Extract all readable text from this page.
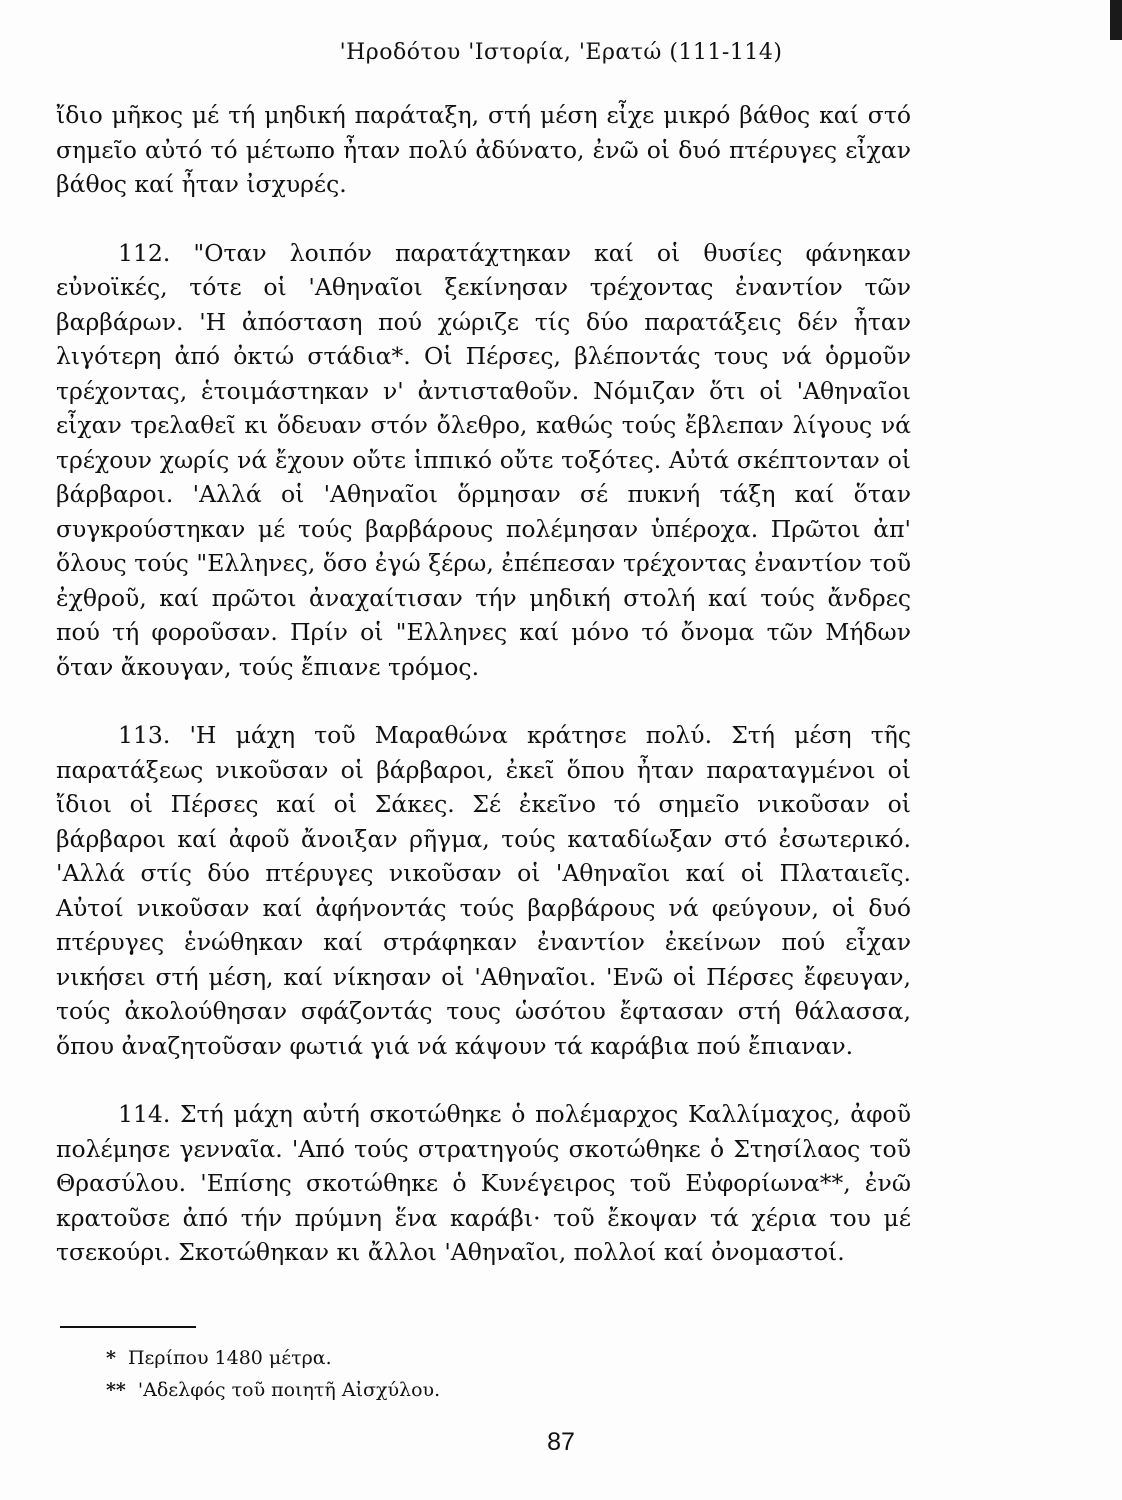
'Ηροδότου 'Ιστορία, 'Ερατώ (111-114)

ἴδιο μῆκος μέ τή μηδική παράταξη, στή μέση εἶχε μικρό βάθος καί στό σημεῖο αὐτό τό μέτωπο ἦταν πολύ ἀδύνατο, ἐνῶ οἱ δυό πτέρυγες εἶχαν βάθος καί ἦταν ἰσχυρές.

112. "Οταν λοιπόν παρατάχτηκαν καί οἱ θυσίες φάνηκαν εὐνοϊκές, τότε οἱ 'Αθηναῖοι ξεκίνησαν τρέχοντας ἐναντίον τῶν βαρβάρων. 'Η ἀπόσταση πού χώριζε τίς δύο παρατάξεις δέν ἦταν λιγότερη ἀπό ὀκτώ στάδια*. Οἱ Πέρσες, βλέποντάς τους νά ὁρμοῦν τρέχοντας, ἑτοιμάστηκαν ν' ἀντισταθοῦν. Νόμιζαν ὅτι οἱ 'Αθηναῖοι εἶχαν τρελαθεῖ κι ὅδευαν στόν ὄλεθρο, καθώς τούς ἔβλεπαν λίγους νά τρέχουν χωρίς νά ἔχουν οὔτε ἱππικό οὔτε τοξότες. Αὐτά σκέπτονταν οἱ βάρβαροι. 'Αλλά οἱ 'Αθηναῖοι ὅρμησαν σέ πυκνή τάξη καί ὅταν συγκρούστηκαν μέ τούς βαρβάρους πολέμησαν ὑπέροχα. Πρῶτοι ἀπ' ὅλους τούς "Ελληνες, ὅσο ἐγώ ξέρω, ἐπέπεσαν τρέχοντας ἐναντίον τοῦ ἐχθροῦ, καί πρῶτοι ἀναχαίτισαν τήν μηδική στολή καί τούς ἄνδρες πού τή φοροῦσαν. Πρίν οἱ "Ελληνες καί μόνο τό ὄνομα τῶν Μήδων ὅταν ἄκουγαν, τούς ἔπιανε τρόμος.

113. 'Η μάχη τοῦ Μαραθώνα κράτησε πολύ. Στή μέση τῆς παρατάξεως νικοῦσαν οἱ βάρβαροι, ἐκεῖ ὅπου ἦταν παραταγμένοι οἱ ἴδιοι οἱ Πέρσες καί οἱ Σάκες. Σέ ἐκεῖνο τό σημεῖο νικοῦσαν οἱ βάρβαροι καί ἀφοῦ ἄνοιξαν ρῆγμα, τούς καταδίωξαν στό ἐσωτερικό. 'Αλλά στίς δύο πτέρυγες νικοῦσαν οἱ 'Αθηναῖοι καί οἱ Πλαταιεῖς. Αὐτοί νικοῦσαν καί ἀφήνοντάς τούς βαρβάρους νά φεύγουν, οἱ δυό πτέρυγες ἑνώθηκαν καί στράφηκαν ἐναντίον ἐκείνων πού εἶχαν νικήσει στή μέση, καί νίκησαν οἱ 'Αθηναῖοι. 'Ενῶ οἱ Πέρσες ἔφευγαν, τούς ἀκολούθησαν σφάζοντάς τους ὡσότου ἔφτασαν στή θάλασσα, ὅπου ἀναζητοῦσαν φωτιά γιά νά κάψουν τά καράβια πού ἔπιαναν.

114. Στή μάχη αὐτή σκοτώθηκε ὁ πολέμαρχος Καλλίμαχος, ἀφοῦ πολέμησε γενναῖα. 'Από τούς στρατηγούς σκοτώθηκε ὁ Στησίλαος τοῦ Θρασύλου. 'Επίσης σκοτώθηκε ὁ Κυνέγειρος τοῦ Εὐφορίωνα**, ἐνῶ κρατοῦσε ἀπό τήν πρύμνη ἕνα καράβι· τοῦ ἔκοψαν τά χέρια του μέ τσεκούρι. Σκοτώθηκαν κι ἄλλοι 'Αθηναῖοι, πολλοί καί ὀνομαστοί.

* Περίπου 1480 μέτρα.
** 'Αδελφός τοῦ ποιητῆ Αἰσχύλου.
87
